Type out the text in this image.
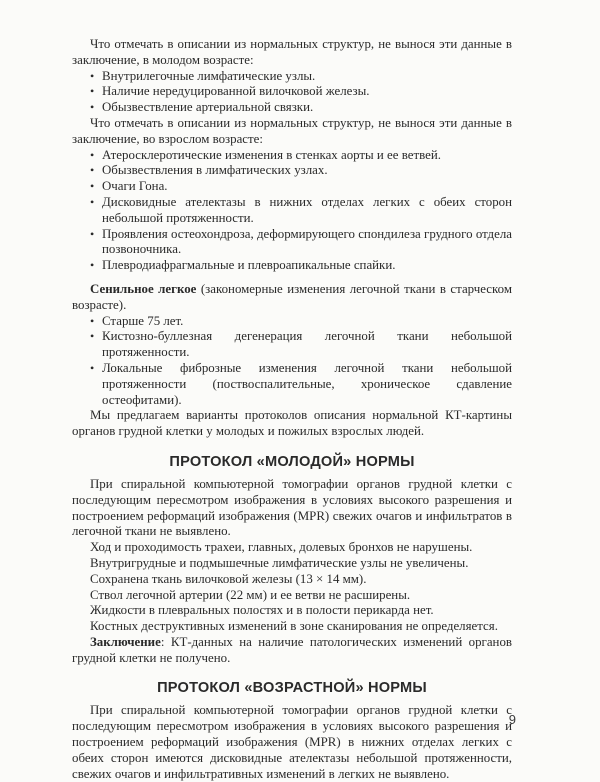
Что отмечать в описании из нормальных структур, не вынося эти данные в заключение, в молодом возрасте:

• Внутрилегочные лимфатические узлы.
• Наличие нередуцированной вилочковой железы.
• Обызвествление артериальной связки.

Что отмечать в описании из нормальных структур, не вынося эти данные в заключение, во взрослом возрасте:

• Атеросклеротические изменения в стенках аорты и ее ветвей.
• Обызвествления в лимфатических узлах.
• Очаги Гона.
• Дисковидные ателектазы в нижних отделах легких с обеих сторон небольшой протяженности.
• Проявления остеохондроза, деформирующего спондилеза грудного отдела позвоночника.
• Плевродиафрагмальные и плевроапикальные спайки.

Сенильное легкое (закономерные изменения легочной ткани в старческом возрасте).

• Старше 75 лет.
• Кистозно-буллезная дегенерация легочной ткани небольшой протяженности.
• Локальные фиброзные изменения легочной ткани небольшой протяженности (поствоспалительные, хроническое сдавление остеофитами).

Мы предлагаем варианты протоколов описания нормальной КТ-картины органов грудной клетки у молодых и пожилых взрослых людей.

ПРОТОКОЛ «МОЛОДОЙ» НОРМЫ

При спиральной компьютерной томографии органов грудной клетки с последующим пересмотром изображения в условиях высокого разрешения и построением реформаций изображения (MPR) свежих очагов и инфильтратов в легочной ткани не выявлено.

Ход и проходимость трахеи, главных, долевых бронхов не нарушены.

Внутригрудные и подмышечные лимфатические узлы не увеличены.

Сохранена ткань вилочковой железы (13 × 14 мм).

Ствол легочной артерии (22 мм) и ее ветви не расширены.

Жидкости в плевральных полостях и в полости перикарда нет.

Костных деструктивных изменений в зоне сканирования не определяется.

Заключение: КТ-данных на наличие патологических изменений органов грудной клетки не получено.

ПРОТОКОЛ «ВОЗРАСТНОЙ» НОРМЫ

При спиральной компьютерной томографии органов грудной клетки с последующим пересмотром изображения в условиях высокого разрешения и построением реформаций изображения (MPR) в нижних отделах легких с обеих сторон имеются дисковидные ателектазы небольшой протяженности, свежих очагов и инфильтративных изменений в легких не выявлено.

9
